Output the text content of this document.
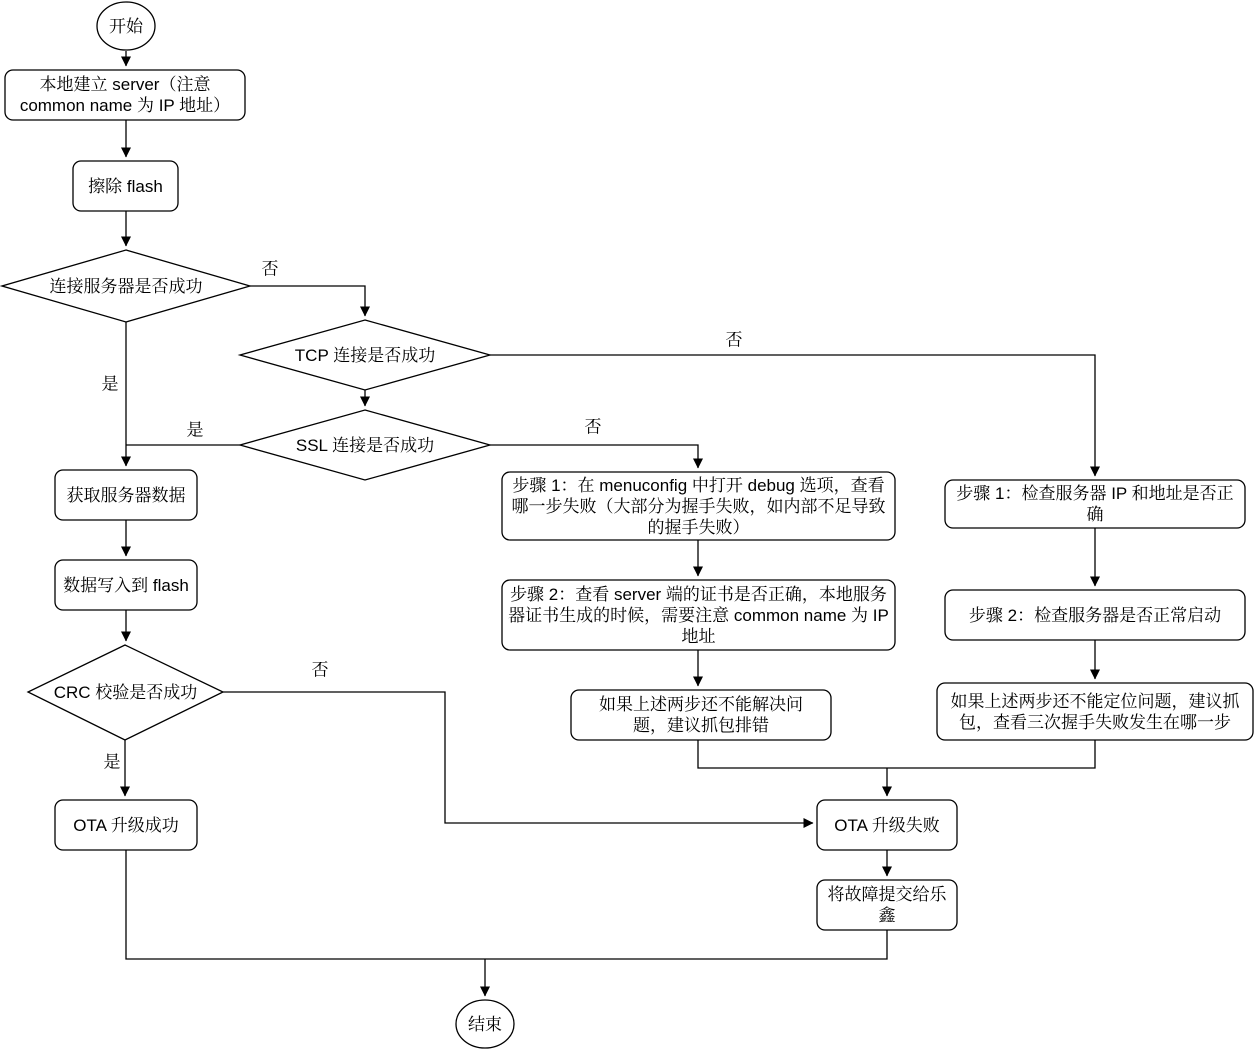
开始
本地建立 server（注意 common name 为 IP 地址）
擦除 flash
连接服务器是否成功
TCP 连接是否成功
SSL 连接是否成功
获取服务器数据
数据写入到 flash
CRC 校验是否成功
OTA 升级成功	OTA 升级失败
将故障提交给乐鑫
步骤 1：在 menuconfig 中打开 debug 选项，查看哪一步失败（大部分为握手失败，如内部不足导致的握手失败）
步骤 2：查看 server 端的证书是否正确，本地服务器证书生成的时候，需要注意 common name 为 IP 地址
如果上述两步还不能解决问题，建议抓包排错
步骤 1：检查服务器 IP 和地址是否正确
步骤 2：检查服务器是否正常启动
如果上述两步还不能定位问题，建议抓包，查看三次握手失败发生在哪一步
结束
否
是
否
否
是
否
是
